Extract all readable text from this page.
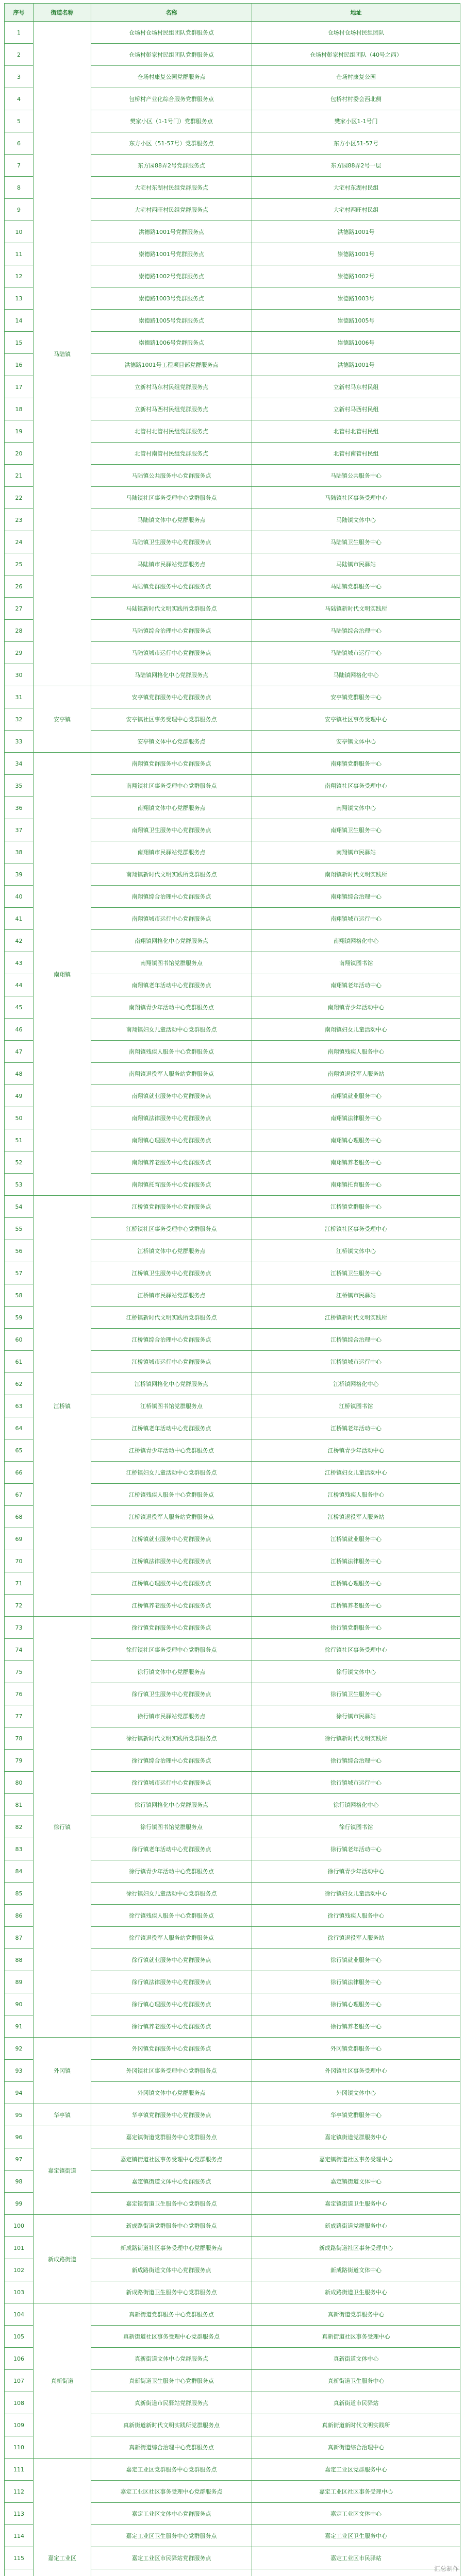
序号	街道名称	名称	地址
1	马陆镇	仓场村仓场村民组团队党群服务点	仓场村仓场村民组团队
2		仓场村彭家村民组团队党群服务点	仓场村彭家村民组团队（40号之西）
3		仓场村康复公园党群服务点	仓场村康复公园
4		包桥村产业化综合服务党群服务点	包桥村村委会西北侧
5		樊家小区（1-1号门）党群服务点	樊家小区1-1号门
6		东方小区（51-57号）党群服务点	东方小区51-57号
7		东方园88弄2号党群服务点	东方园88弄2号一层
8		大宅村东湖村民组党群服务点	大宅村东湖村民组
9		大宅村西旺村民组党群服务点	大宅村西旺村民组
10		洪德路1001号党群服务点	洪德路1001号
11		崇德路1001号党群服务点	崇德路1001号
12		崇德路1002号党群服务点	崇德路1002号
13		崇德路1003号党群服务点	崇德路1003号
14		崇德路1005号党群服务点	崇德路1005号
15		崇德路1006号党群服务点	崇德路1006号
16		洪德路1001号工程项目部党群服务点	洪德路1001号
17		立新村马东村民组党群服务点	立新村马东村民组
18		立新村马西村民组党群服务点	立新村马西村民组
19		北管村北管村民组党群服务点	北管村北管村民组
20		北管村南管村民组党群服务点	北管村南管村民组
21		马陆镇公共服务中心党群服务点	马陆镇公共服务中心
22		马陆镇社区事务受理中心党群服务点	马陆镇社区事务受理中心
23		马陆镇文体中心党群服务点	马陆镇文体中心
24		马陆镇卫生服务中心党群服务点	马陆镇卫生服务中心
25		马陆镇市民驿站党群服务点	马陆镇市民驿站
26		马陆镇党群服务中心党群服务点	马陆镇党群服务中心
27		马陆镇新时代文明实践所党群服务点	马陆镇新时代文明实践所
28		马陆镇综合治理中心党群服务点	马陆镇综合治理中心
29		马陆镇城市运行中心党群服务点	马陆镇城市运行中心
30		马陆镇网格化中心党群服务点	马陆镇网格化中心
31	安亭镇	安亭镇党群服务中心党群服务点	安亭镇党群服务中心
32		安亭镇社区事务受理中心党群服务点	安亭镇社区事务受理中心
33		安亭镇文体中心党群服务点	安亭镇文体中心
34	南翔镇	南翔镇党群服务中心党群服务点	南翔镇党群服务中心
35		南翔镇社区事务受理中心党群服务点	南翔镇社区事务受理中心
36		南翔镇文体中心党群服务点	南翔镇文体中心
37		南翔镇卫生服务中心党群服务点	南翔镇卫生服务中心
38		南翔镇市民驿站党群服务点	南翔镇市民驿站
39		南翔镇新时代文明实践所党群服务点	南翔镇新时代文明实践所
40		南翔镇综合治理中心党群服务点	南翔镇综合治理中心
41		南翔镇城市运行中心党群服务点	南翔镇城市运行中心
42		南翔镇网格化中心党群服务点	南翔镇网格化中心
43		南翔镇图书馆党群服务点	南翔镇图书馆
44		南翔镇老年活动中心党群服务点	南翔镇老年活动中心
45		南翔镇青少年活动中心党群服务点	南翔镇青少年活动中心
46		南翔镇妇女儿童活动中心党群服务点	南翔镇妇女儿童活动中心
47		南翔镇残疾人服务中心党群服务点	南翔镇残疾人服务中心
48		南翔镇退役军人服务站党群服务点	南翔镇退役军人服务站
49		南翔镇就业服务中心党群服务点	南翔镇就业服务中心
50		南翔镇法律服务中心党群服务点	南翔镇法律服务中心
51		南翔镇心理服务中心党群服务点	南翔镇心理服务中心
52		南翔镇养老服务中心党群服务点	南翔镇养老服务中心
53		南翔镇托育服务中心党群服务点	南翔镇托育服务中心
54	江桥镇	江桥镇党群服务中心党群服务点	江桥镇党群服务中心
55		江桥镇社区事务受理中心党群服务点	江桥镇社区事务受理中心
56		江桥镇文体中心党群服务点	江桥镇文体中心
57		江桥镇卫生服务中心党群服务点	江桥镇卫生服务中心
58		江桥镇市民驿站党群服务点	江桥镇市民驿站
59		江桥镇新时代文明实践所党群服务点	江桥镇新时代文明实践所
60		江桥镇综合治理中心党群服务点	江桥镇综合治理中心
61		江桥镇城市运行中心党群服务点	江桥镇城市运行中心
62		江桥镇网格化中心党群服务点	江桥镇网格化中心
63		江桥镇图书馆党群服务点	江桥镇图书馆
64		江桥镇老年活动中心党群服务点	江桥镇老年活动中心
65		江桥镇青少年活动中心党群服务点	江桥镇青少年活动中心
66		江桥镇妇女儿童活动中心党群服务点	江桥镇妇女儿童活动中心
67		江桥镇残疾人服务中心党群服务点	江桥镇残疾人服务中心
68		江桥镇退役军人服务站党群服务点	江桥镇退役军人服务站
69		江桥镇就业服务中心党群服务点	江桥镇就业服务中心
70		江桥镇法律服务中心党群服务点	江桥镇法律服务中心
71		江桥镇心理服务中心党群服务点	江桥镇心理服务中心
72		江桥镇养老服务中心党群服务点	江桥镇养老服务中心
73	徐行镇	徐行镇党群服务中心党群服务点	徐行镇党群服务中心
74		徐行镇社区事务受理中心党群服务点	徐行镇社区事务受理中心
75		徐行镇文体中心党群服务点	徐行镇文体中心
76		徐行镇卫生服务中心党群服务点	徐行镇卫生服务中心
77		徐行镇市民驿站党群服务点	徐行镇市民驿站
78		徐行镇新时代文明实践所党群服务点	徐行镇新时代文明实践所
79		徐行镇综合治理中心党群服务点	徐行镇综合治理中心
80		徐行镇城市运行中心党群服务点	徐行镇城市运行中心
81		徐行镇网格化中心党群服务点	徐行镇网格化中心
82		徐行镇图书馆党群服务点	徐行镇图书馆
83		徐行镇老年活动中心党群服务点	徐行镇老年活动中心
84		徐行镇青少年活动中心党群服务点	徐行镇青少年活动中心
85		徐行镇妇女儿童活动中心党群服务点	徐行镇妇女儿童活动中心
86		徐行镇残疾人服务中心党群服务点	徐行镇残疾人服务中心
87		徐行镇退役军人服务站党群服务点	徐行镇退役军人服务站
88		徐行镇就业服务中心党群服务点	徐行镇就业服务中心
89		徐行镇法律服务中心党群服务点	徐行镇法律服务中心
90		徐行镇心理服务中心党群服务点	徐行镇心理服务中心
91		徐行镇养老服务中心党群服务点	徐行镇养老服务中心
92	外冈镇	外冈镇党群服务中心党群服务点	外冈镇党群服务中心
93		外冈镇社区事务受理中心党群服务点	外冈镇社区事务受理中心
94		外冈镇文体中心党群服务点	外冈镇文体中心
95	华亭镇	华亭镇党群服务中心党群服务点	华亭镇党群服务中心
96	嘉定镇街道	嘉定镇街道党群服务中心党群服务点	嘉定镇街道党群服务中心
97		嘉定镇街道社区事务受理中心党群服务点	嘉定镇街道社区事务受理中心
98		嘉定镇街道文体中心党群服务点	嘉定镇街道文体中心
99		嘉定镇街道卫生服务中心党群服务点	嘉定镇街道卫生服务中心
100	新成路街道	新成路街道党群服务中心党群服务点	新成路街道党群服务中心
101		新成路街道社区事务受理中心党群服务点	新成路街道社区事务受理中心
102		新成路街道文体中心党群服务点	新成路街道文体中心
103		新成路街道卫生服务中心党群服务点	新成路街道卫生服务中心
104	真新街道	真新街道党群服务中心党群服务点	真新街道党群服务中心
105		真新街道社区事务受理中心党群服务点	真新街道社区事务受理中心
106		真新街道文体中心党群服务点	真新街道文体中心
107		真新街道卫生服务中心党群服务点	真新街道卫生服务中心
108		真新街道市民驿站党群服务点	真新街道市民驿站
109		真新街道新时代文明实践所党群服务点	真新街道新时代文明实践所
110		真新街道综合治理中心党群服务点	真新街道综合治理中心
111	嘉定工业区	嘉定工业区党群服务中心党群服务点	嘉定工业区党群服务中心
112		嘉定工业区社区事务受理中心党群服务点	嘉定工业区社区事务受理中心
113		嘉定工业区文体中心党群服务点	嘉定工业区文体中心
114		嘉定工业区卫生服务中心党群服务点	嘉定工业区卫生服务中心
115		嘉定工业区市民驿站党群服务点	嘉定工业区市民驿站

汇总制作
